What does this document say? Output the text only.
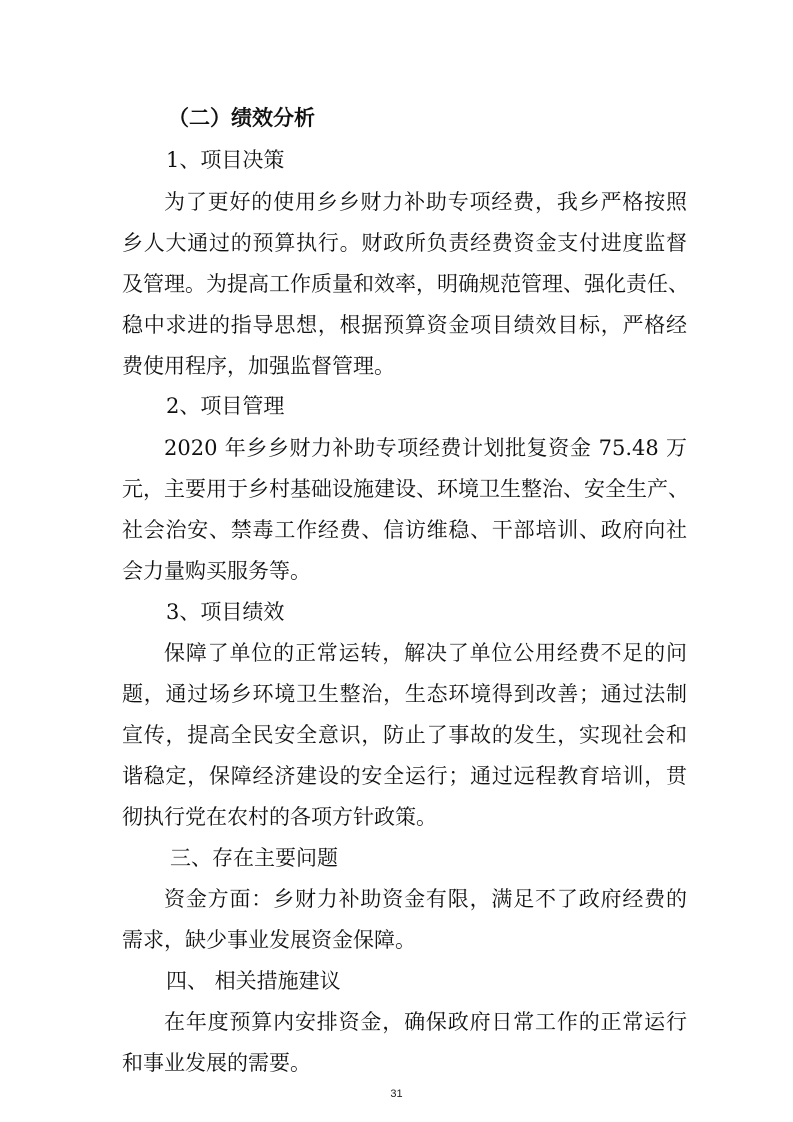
（二）绩效分析
1、项目决策
为了更好的使用乡乡财力补助专项经费，我乡严格按照
乡人大通过的预算执行。财政所负责经费资金支付进度监督
及管理。为提高工作质量和效率，明确规范管理、强化责任、
稳中求进的指导思想，根据预算资金项目绩效目标，严格经
费使用程序，加强监督管理。
2、项目管理
2020 年乡乡财力补助专项经费计划批复资金 75.48 万
元，主要用于乡村基础设施建设、环境卫生整治、安全生产、
社会治安、禁毒工作经费、信访维稳、干部培训、政府向社
会力量购买服务等。
3、项目绩效
保障了单位的正常运转，解决了单位公用经费不足的问
题，通过场乡环境卫生整治，生态环境得到改善；通过法制
宣传，提高全民安全意识，防止了事故的发生，实现社会和
谐稳定，保障经济建设的安全运行；通过远程教育培训，贯
彻执行党在农村的各项方针政策。
三、存在主要问题
资金方面：乡财力补助资金有限，满足不了政府经费的
需求，缺少事业发展资金保障。
四、 相关措施建议
在年度预算内安排资金，确保政府日常工作的正常运行
和事业发展的需要。
31
